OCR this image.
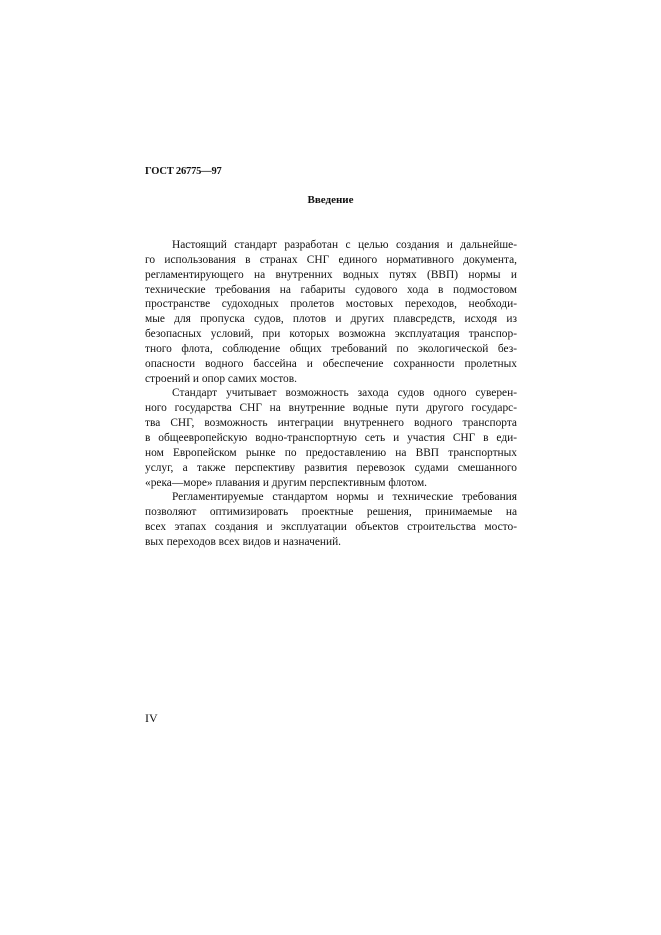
ГОСТ 26775—97
Введение
Настоящий стандарт разработан с целью создания и дальнейше-
го использования в странах СНГ единого нормативного документа,
регламентирующего на внутренних водных путях (ВВП) нормы и
технические требования на габариты судового хода в подмостовом
пространстве судоходных пролетов мостовых переходов, необходи-
мые для пропуска судов, плотов и других плавсредств, исходя из
безопасных условий, при которых возможна эксплуатация транспор-
тного флота, соблюдение общих требований по экологической без-
опасности водного бассейна и обеспечение сохранности пролетных
строений и опор самих мостов.
Стандарт учитывает возможность захода судов одного суверен-
ного государства СНГ на внутренние водные пути другого государс-
тва СНГ, возможность интеграции внутреннего водного транспорта
в общеевропейскую водно-транспортную сеть и участия СНГ в еди-
ном Европейском рынке по предоставлению на ВВП транспортных
услуг, а также перспективу развития перевозок судами смешанного
«река—море» плавания и другим перспективным флотом.
Регламентируемые стандартом нормы и технические требования
позволяют оптимизировать проектные решения, принимаемые на
всех этапах создания и эксплуатации объектов строительства мосто-
вых переходов всех видов и назначений.
IV
